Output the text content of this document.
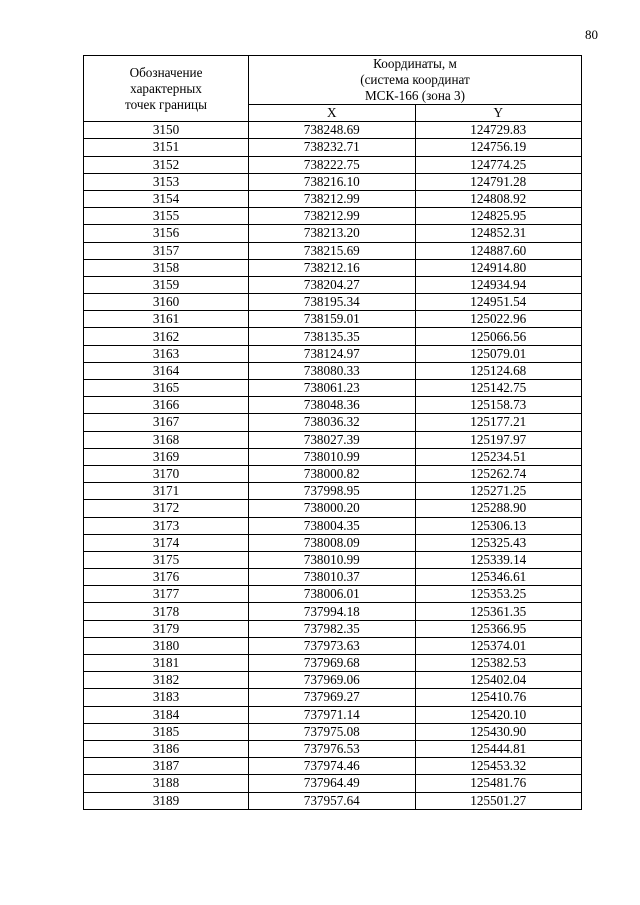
80
Обозначение
характерных
точек границы	Координаты, м
(система координат
МСК-166 (зона 3)	

	X	Y
3150	738248.69	124729.83
3151	738232.71	124756.19
3152	738222.75	124774.25
3153	738216.10	124791.28
3154	738212.99	124808.92
3155	738212.99	124825.95
3156	738213.20	124852.31
3157	738215.69	124887.60
3158	738212.16	124914.80
3159	738204.27	124934.94
3160	738195.34	124951.54
3161	738159.01	125022.96
3162	738135.35	125066.56
3163	738124.97	125079.01
3164	738080.33	125124.68
3165	738061.23	125142.75
3166	738048.36	125158.73
3167	738036.32	125177.21
3168	738027.39	125197.97
3169	738010.99	125234.51
3170	738000.82	125262.74
3171	737998.95	125271.25
3172	738000.20	125288.90
3173	738004.35	125306.13
3174	738008.09	125325.43
3175	738010.99	125339.14
3176	738010.37	125346.61
3177	738006.01	125353.25
3178	737994.18	125361.35
3179	737982.35	125366.95
3180	737973.63	125374.01
3181	737969.68	125382.53
3182	737969.06	125402.04
3183	737969.27	125410.76
3184	737971.14	125420.10
3185	737975.08	125430.90
3186	737976.53	125444.81
3187	737974.46	125453.32
3188	737964.49	125481.76
3189	737957.64	125501.27
